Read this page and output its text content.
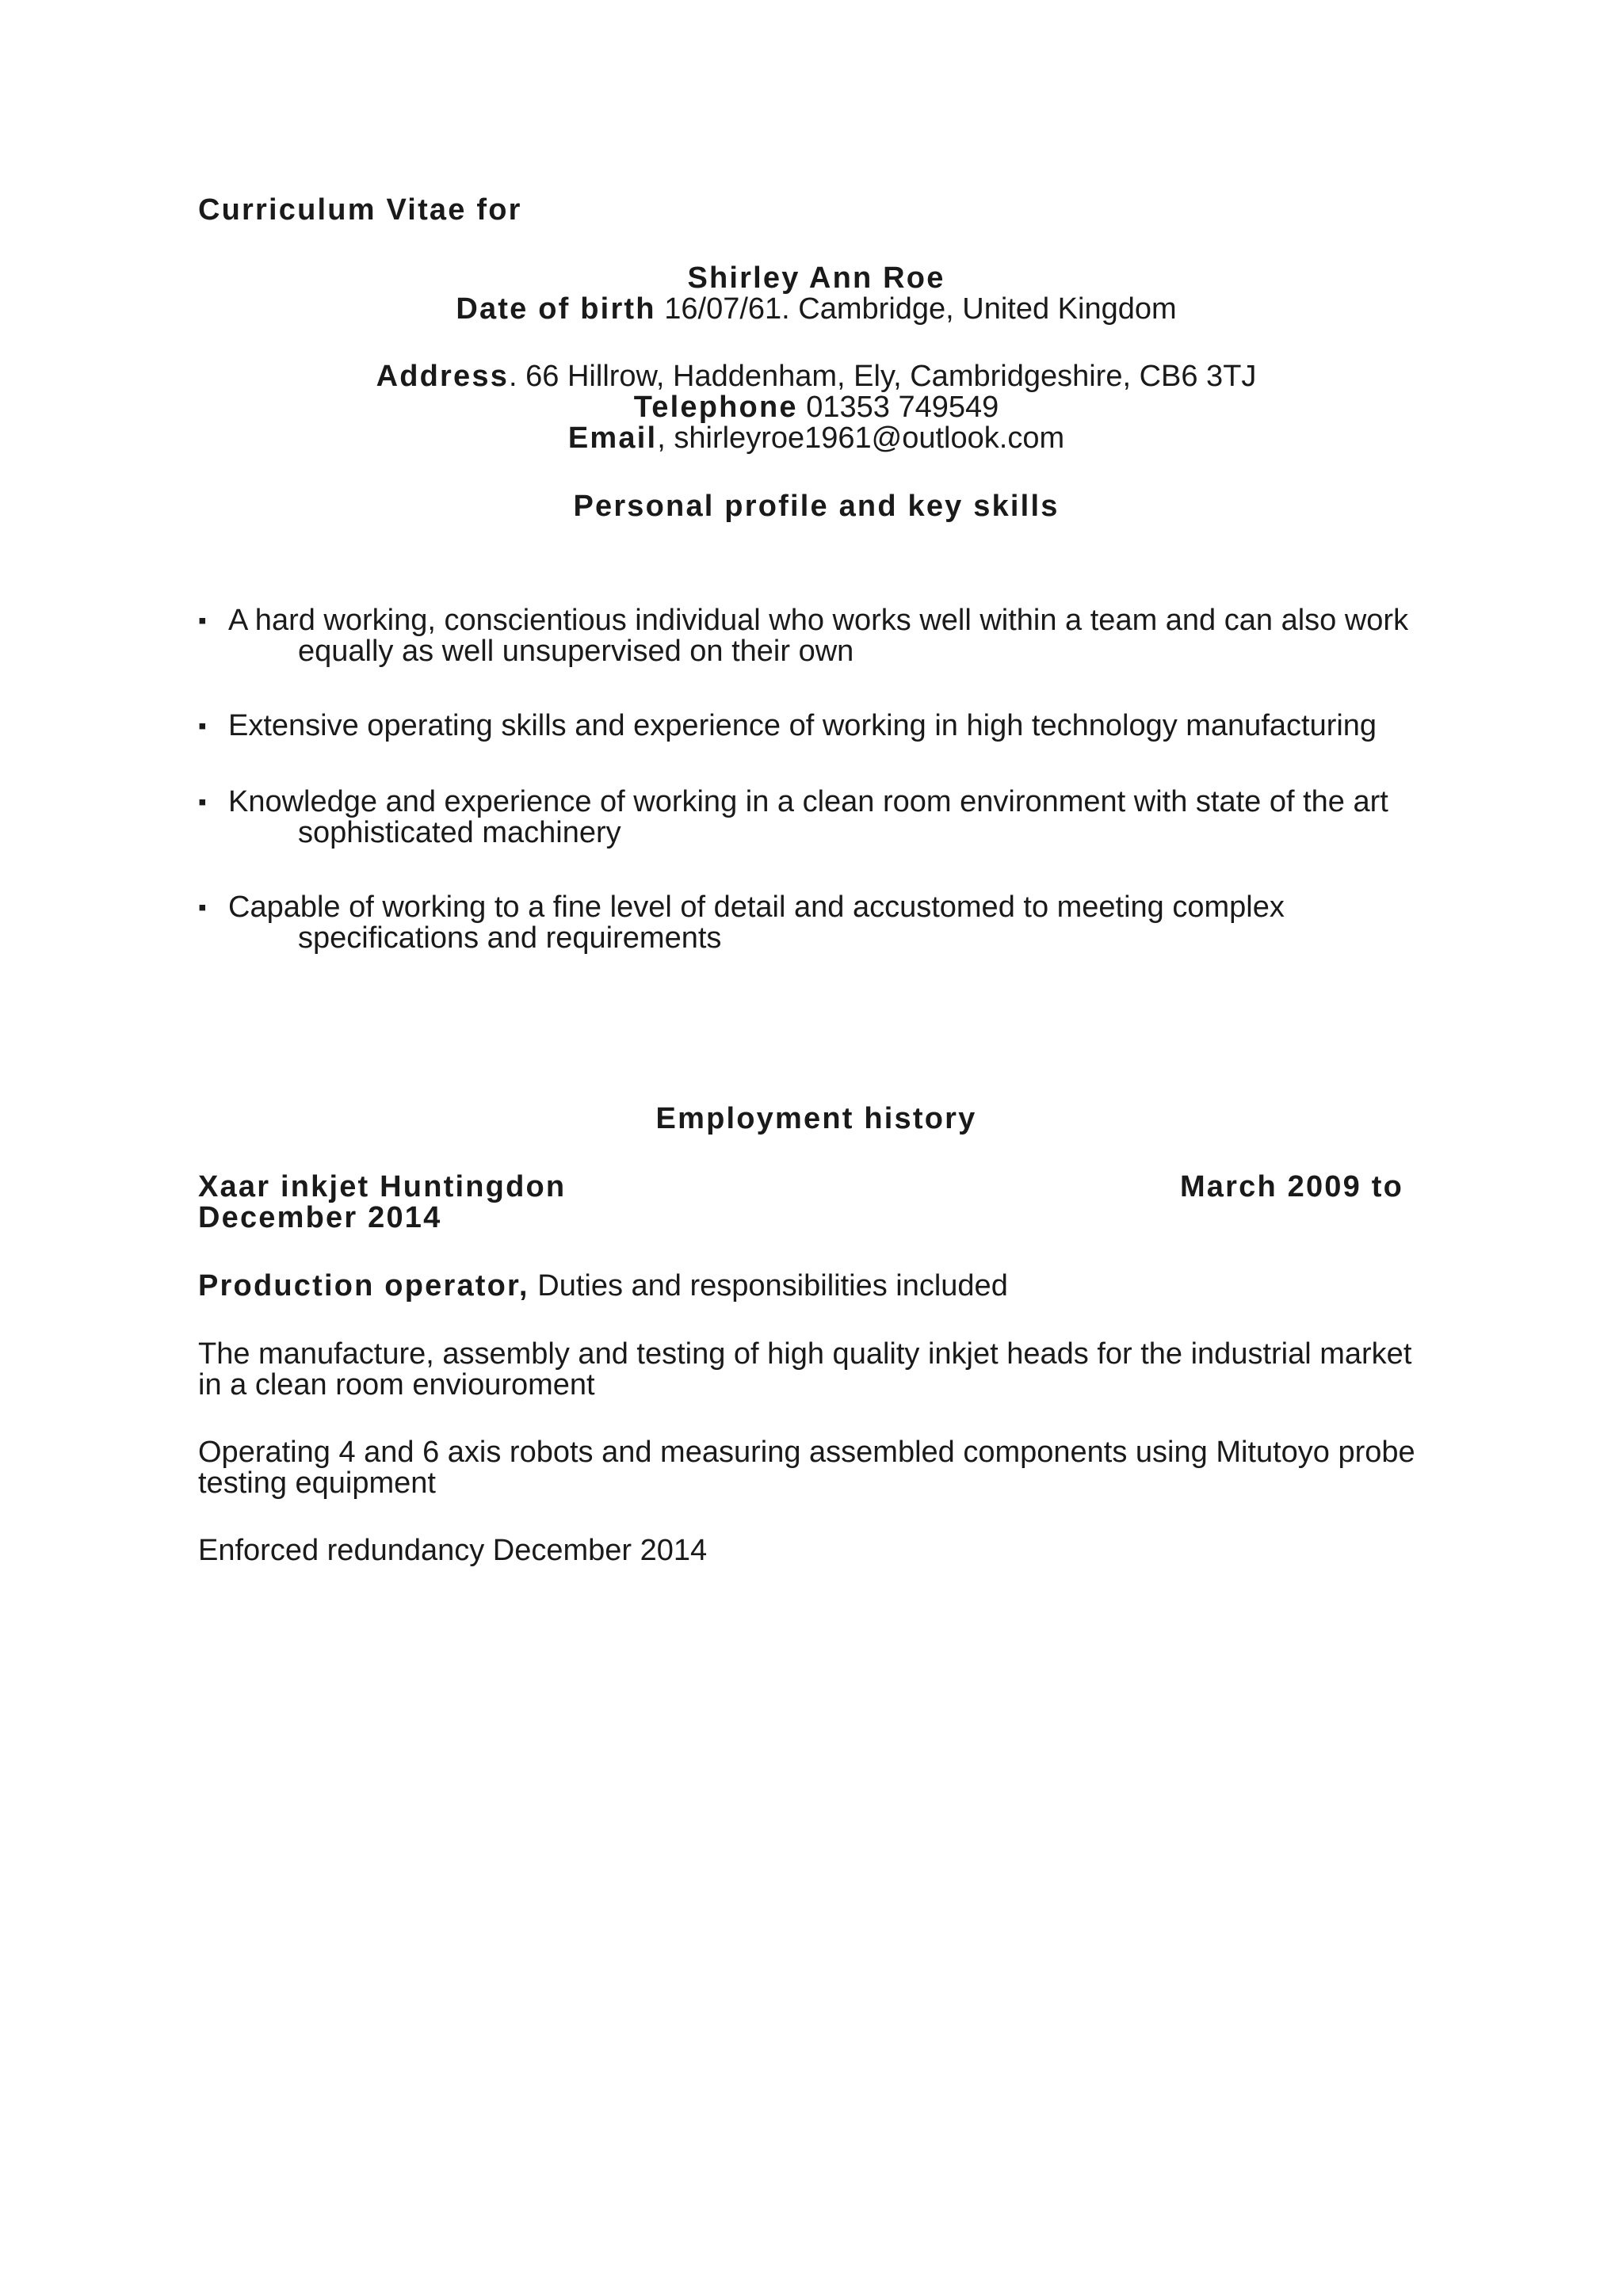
Curriculum Vitae for
Shirley Ann Roe
Date of birth 16/07/61. Cambridge, United Kingdom
Address. 66 Hillrow, Haddenham, Ely, Cambridgeshire, CB6 3TJ
Telephone 01353 749549
Email, shirleyroe1961@outlook.com
Personal profile and key skills
▪ A hard working, conscientious individual who works well within a team and can also work
equally as well unsupervised on their own
▪ Extensive operating skills and experience of working in high technology manufacturing
▪ Knowledge and experience of working in a clean room environment with state of the art
sophisticated machinery
▪ Capable of working to a fine level of detail and accustomed to meeting complex
specifications and requirements
Employment history
Xaar inkjet Huntingdon	March 2009 to
December 2014
Production operator, Duties and responsibilities included
The manufacture, assembly and testing of high quality inkjet heads for the industrial market
in a clean room enviouroment
Operating 4 and 6 axis robots and measuring assembled components using Mitutoyo probe
testing equipment
Enforced redundancy December 2014
